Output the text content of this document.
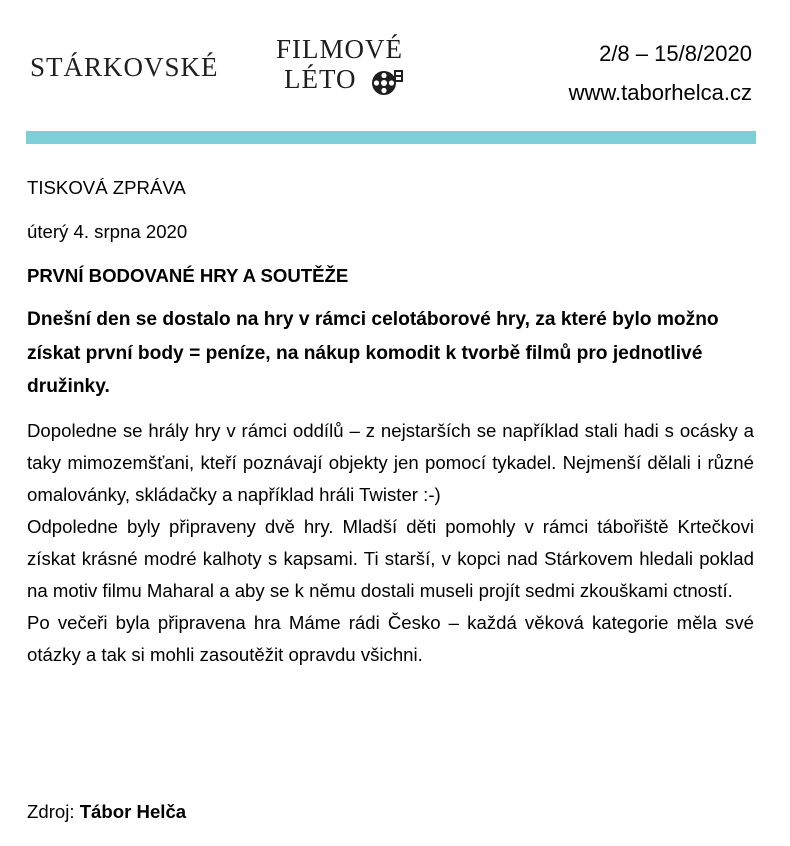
STÁRKOVSKÉ
FILMOVÉ
LÉTO
2/8 – 15/8/2020
www.taborhelca.cz

TISKOVÁ ZPRÁVA

úterý 4. srpna 2020

PRVNÍ BODOVANÉ HRY A SOUTĚŽE

Dnešní den se dostalo na hry v rámci celotáborové hry, za které bylo možno získat první body = peníze, na nákup komodit k tvorbě filmů pro jednotlivé družinky.

Dopoledne se hrály hry v rámci oddílů – z nejstarších se například stali hadi s ocásky a taky mimozemšťani, kteří poznávají objekty jen pomocí tykadel. Nejmenší dělali i různé omalovánky, skládačky a například hráli Twister :-)

Odpoledne byly připraveny dvě hry. Mladší děti pomohly v rámci tábořiště Krtečkovi získat krásné modré kalhoty s kapsami. Ti starší, v kopci nad Stárkovem hledali poklad na motiv filmu Maharal a aby se k němu dostali museli projít sedmi zkouškami ctností.

Po večeři byla připravena hra Máme rádi Česko – každá věková kategorie měla své otázky a tak si mohli zasoutěžit opravdu všichni.

Zdroj: Tábor Helča
